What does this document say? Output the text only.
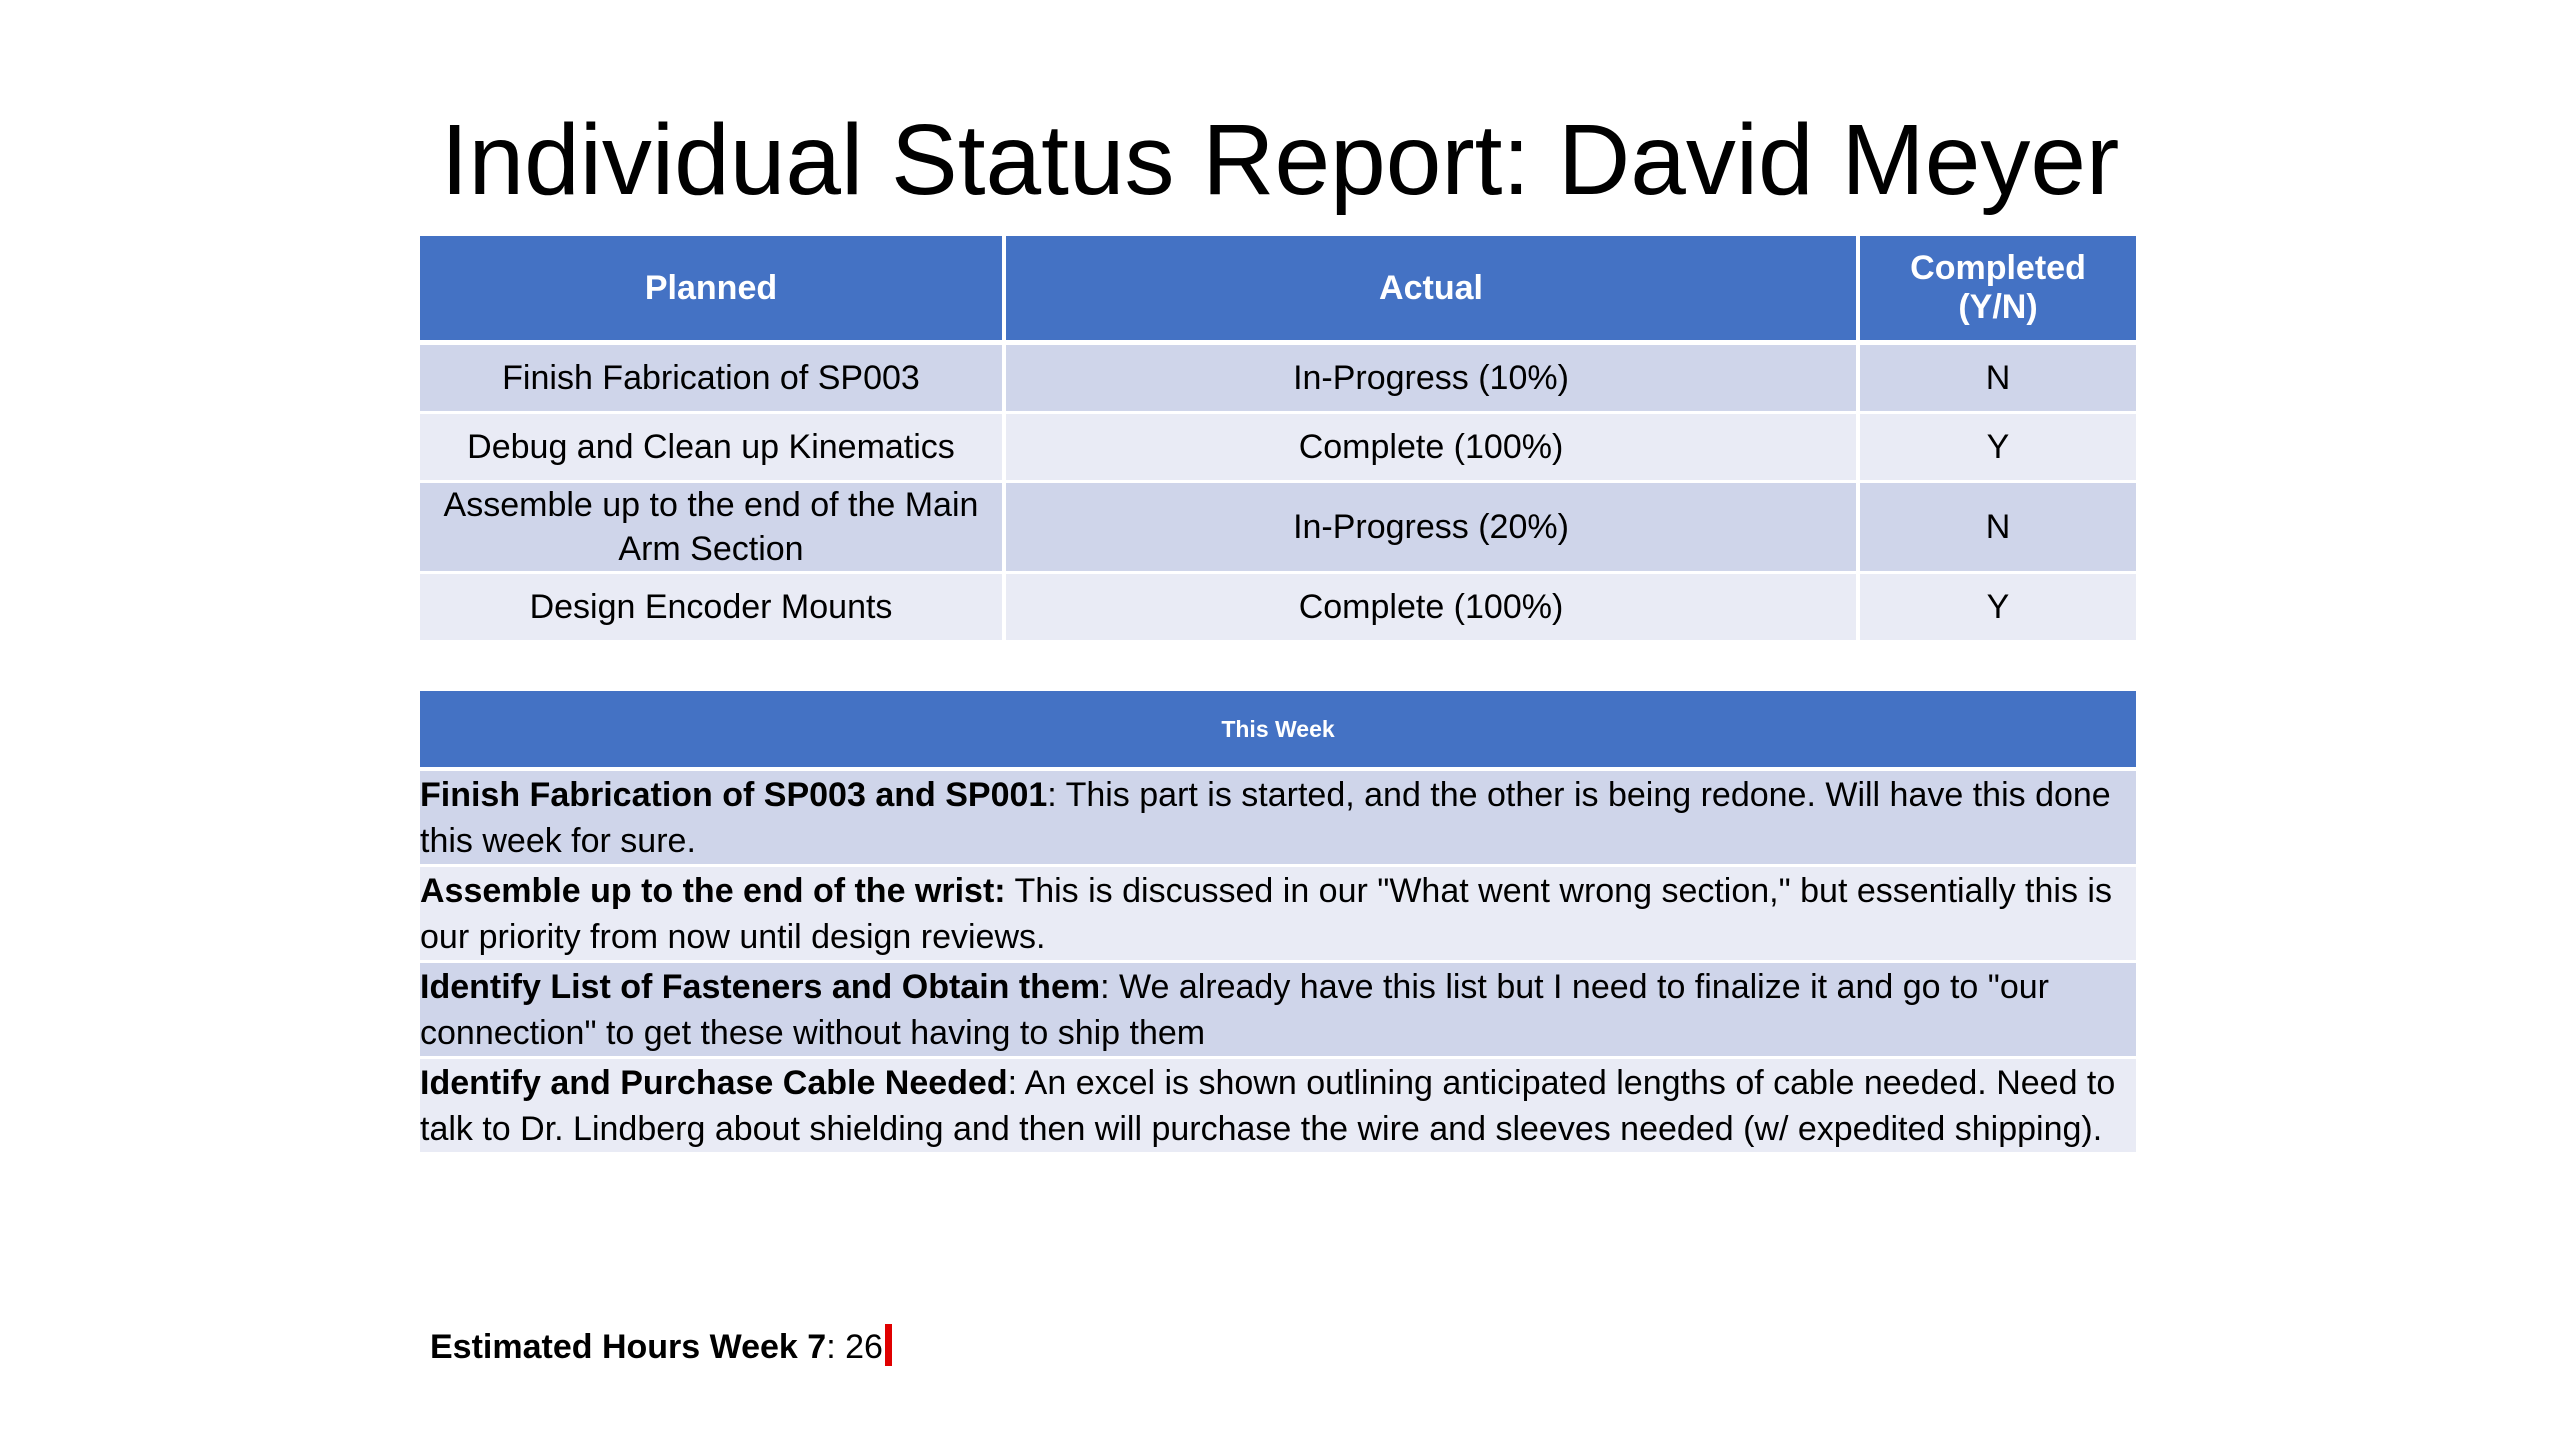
Individual Status Report: David Meyer
Planned	Actual	Completed (Y/N)
Finish Fabrication of SP003	In-Progress (10%)	N
Debug and Clean up Kinematics	Complete (100%)	Y
Assemble up to the end of the Main Arm Section	In-Progress (20%)	N
Design Encoder Mounts	Complete (100%)	Y
This Week
Finish Fabrication of SP003 and SP001: This part is started, and the other is being redone. Will have this done this week for sure.
Assemble up to the end of the wrist: This is discussed in our "What went wrong section," but essentially this is our priority from now until design reviews.
Identify List of Fasteners and Obtain them: We already have this list but I need to finalize it and go to "our connection" to get these without having to ship them
Identify and Purchase Cable Needed: An excel is shown outlining anticipated lengths of cable needed. Need to talk to Dr. Lindberg about shielding and then will purchase the wire and sleeves needed (w/ expedited shipping).
Estimated Hours Week 7: 26
